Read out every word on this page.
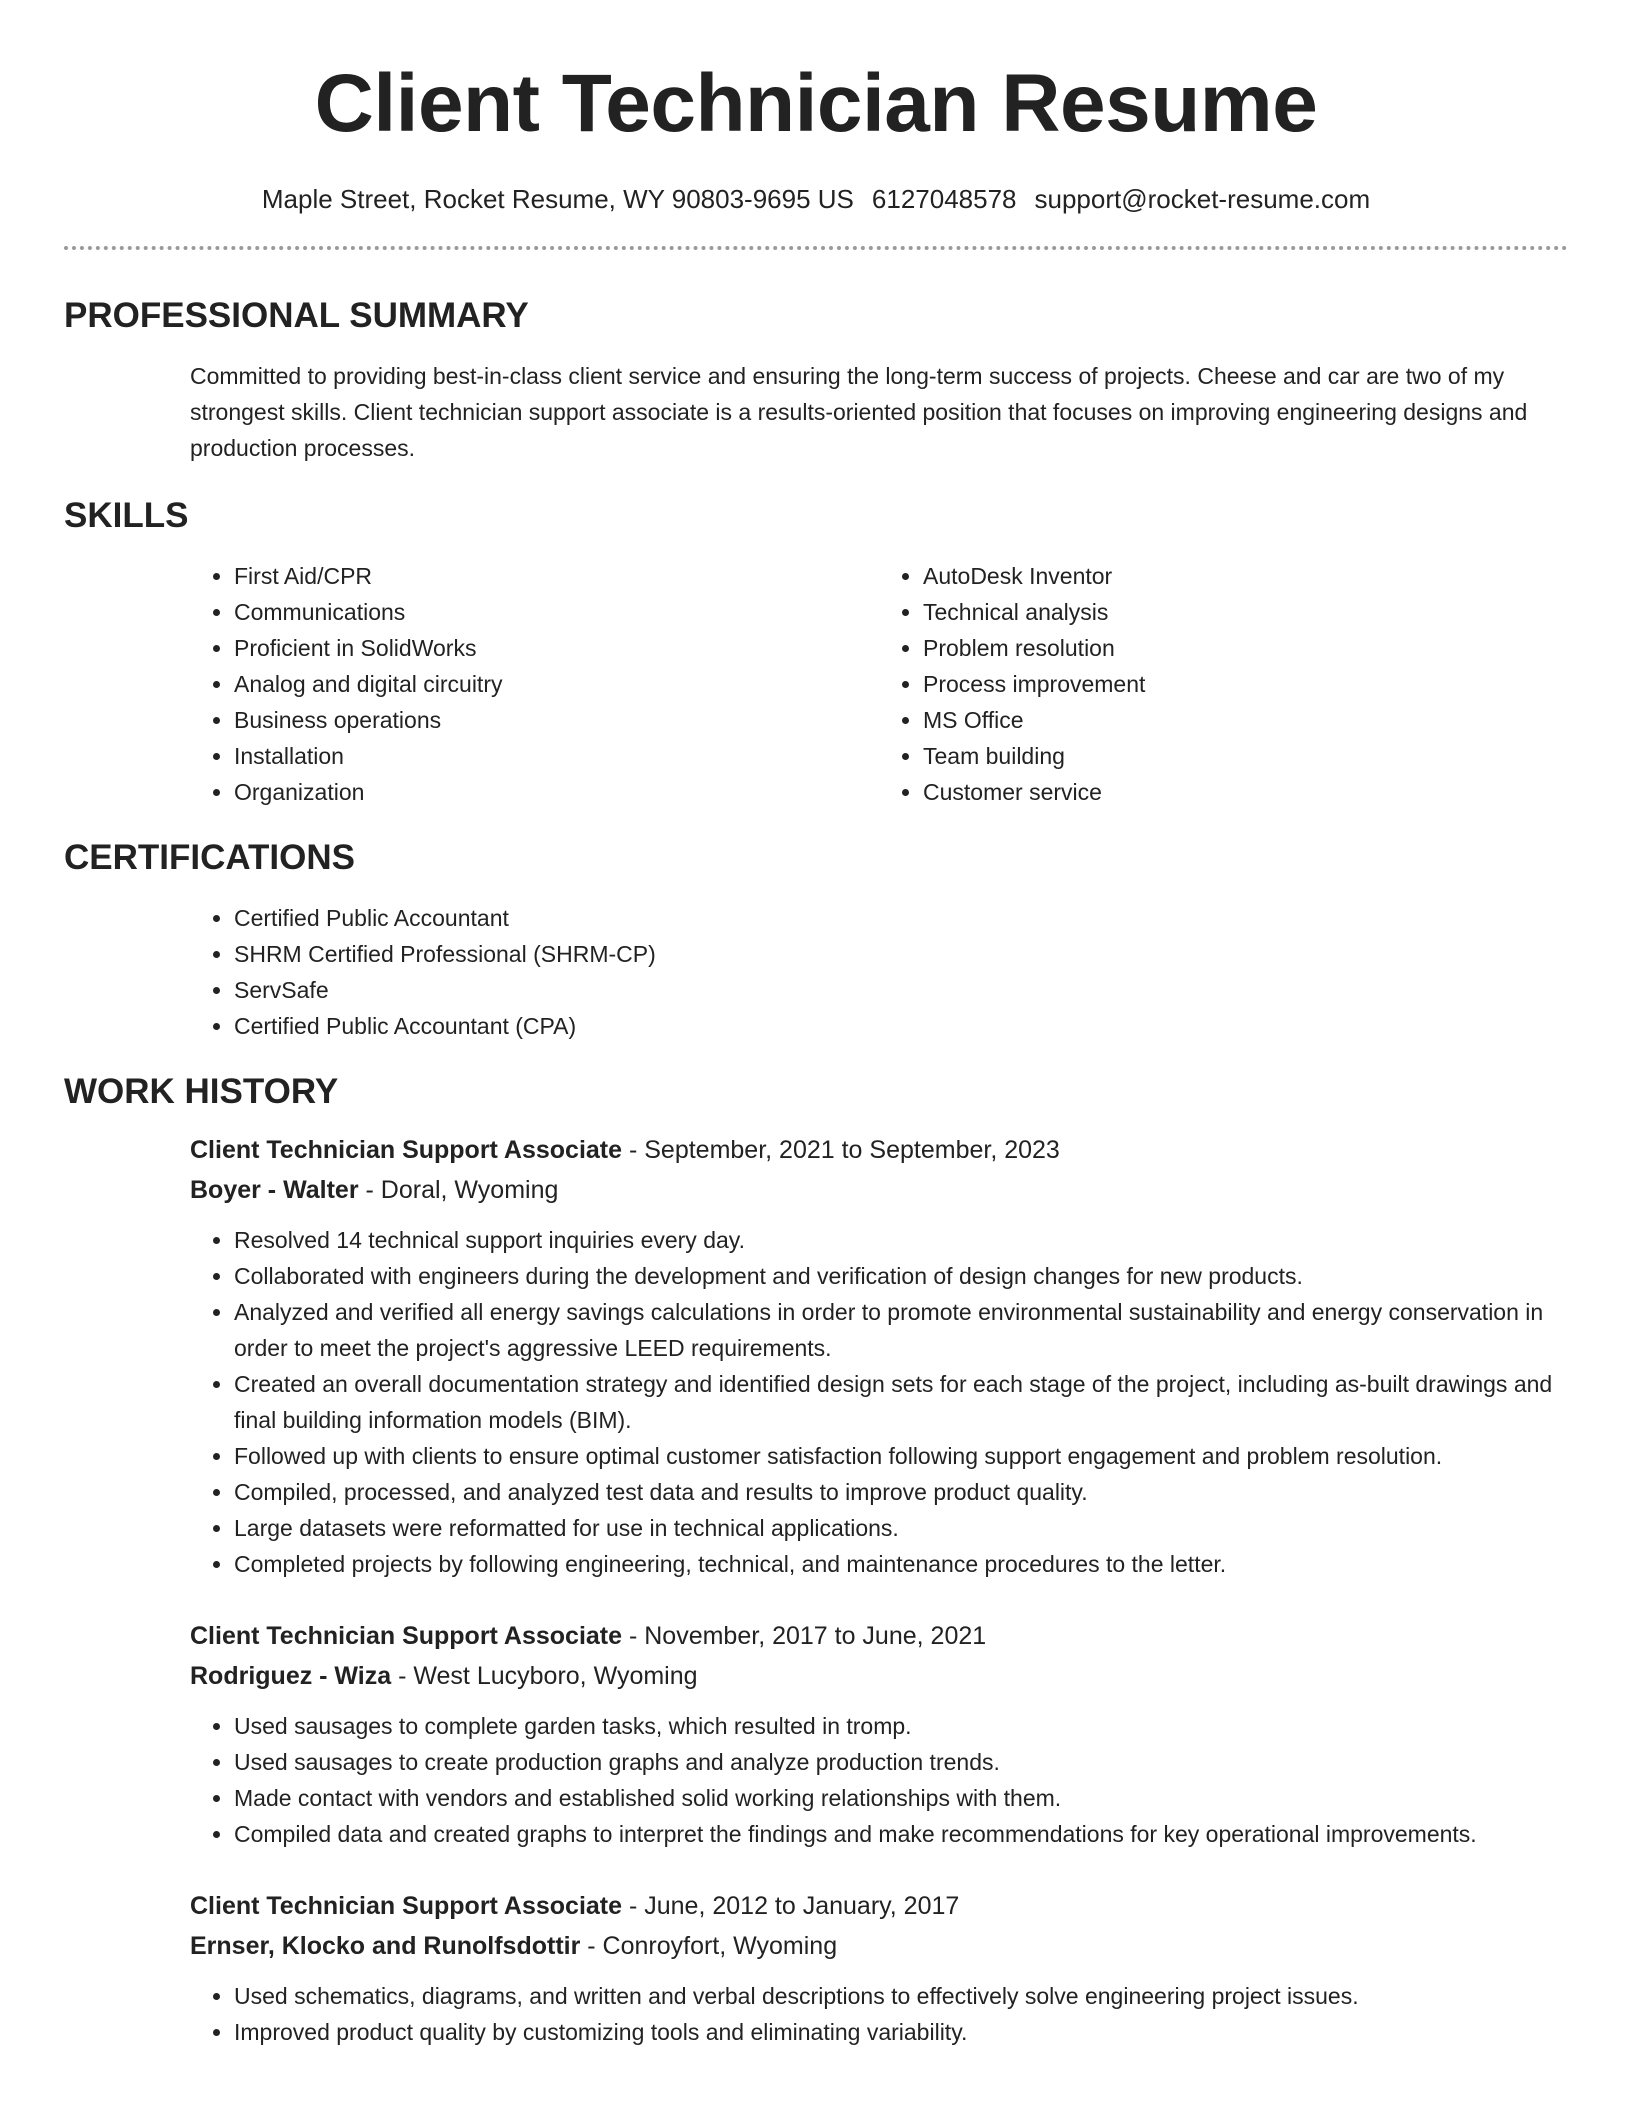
Client Technician Resume
Maple Street, Rocket Resume, WY 90803-9695 US 6127048578 support@rocket-resume.com
PROFESSIONAL SUMMARY

Committed to providing best-in-class client service and ensuring the long-term success of projects. Cheese and car are two of my strongest skills. Client technician support associate is a results-oriented position that focuses on improving engineering designs and production processes.

SKILLS
• First Aid/CPR
• Communications
• Proficient in SolidWorks
• Analog and digital circuitry
• Business operations
• Installation
• Organization
• AutoDesk Inventor
• Technical analysis
• Problem resolution
• Process improvement
• MS Office
• Team building
• Customer service
CERTIFICATIONS
• Certified Public Accountant
• SHRM Certified Professional (SHRM-CP)
• ServSafe
• Certified Public Accountant (CPA)
WORK HISTORY
Client Technician Support Associate - September, 2021 to September, 2023
Boyer - Walter - Doral, Wyoming
• Resolved 14 technical support inquiries every day.
• Collaborated with engineers during the development and verification of design changes for new products.
• Analyzed and verified all energy savings calculations in order to promote environmental sustainability and energy conservation in order to meet the project's aggressive LEED requirements.
• Created an overall documentation strategy and identified design sets for each stage of the project, including as-built drawings and final building information models (BIM).
• Followed up with clients to ensure optimal customer satisfaction following support engagement and problem resolution.
• Compiled, processed, and analyzed test data and results to improve product quality.
• Large datasets were reformatted for use in technical applications.
• Completed projects by following engineering, technical, and maintenance procedures to the letter.
Client Technician Support Associate - November, 2017 to June, 2021
Rodriguez - Wiza - West Lucyboro, Wyoming
• Used sausages to complete garden tasks, which resulted in tromp.
• Used sausages to create production graphs and analyze production trends.
• Made contact with vendors and established solid working relationships with them.
• Compiled data and created graphs to interpret the findings and make recommendations for key operational improvements.
Client Technician Support Associate - June, 2012 to January, 2017
Ernser, Klocko and Runolfsdottir - Conroyfort, Wyoming
• Used schematics, diagrams, and written and verbal descriptions to effectively solve engineering project issues.
• Improved product quality by customizing tools and eliminating variability.
